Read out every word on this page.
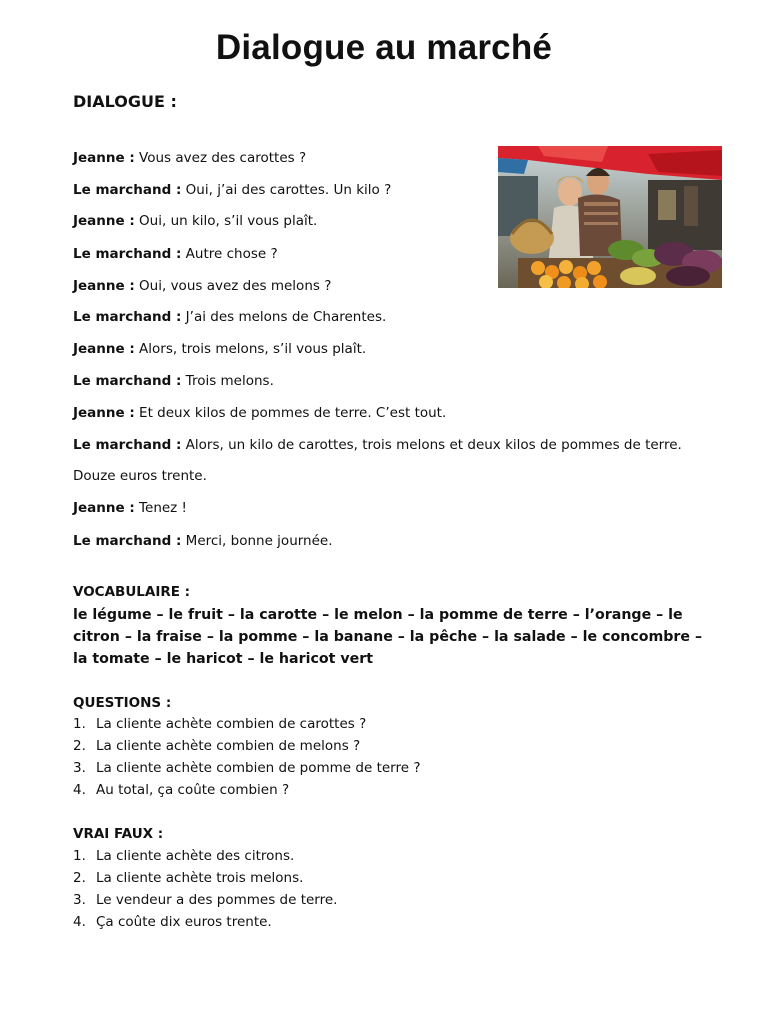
Dialogue au marché
DIALOGUE :
Jeanne : Vous avez des carottes ?
Le marchand : Oui, j’ai des carottes. Un kilo ?
Jeanne : Oui, un kilo, s’il vous plaît.
Le marchand : Autre chose ?
Jeanne : Oui, vous avez des melons ?
Le marchand : J’ai des melons de Charentes.
Jeanne : Alors, trois melons, s’il vous plaît.
Le marchand : Trois melons.
Jeanne : Et deux kilos de pommes de terre. C’est tout.
Le marchand : Alors, un kilo de carottes, trois melons et deux kilos de pommes de terre.
Douze euros trente.
Jeanne : Tenez !
Le marchand : Merci, bonne journée.
VOCABULAIRE :
le légume – le fruit – la carotte – le melon – la pomme de terre – l’orange – le citron – la fraise – la pomme – la banane – la pêche – la salade – le concombre – la tomate – le haricot – le haricot vert
QUESTIONS :
1. La cliente achète combien de carottes ?
2. La cliente achète combien de melons ?
3. La cliente achète combien de pomme de terre ?
4. Au total, ça coûte combien ?
VRAI FAUX :
1. La cliente achète des citrons.
2. La cliente achète trois melons.
3. Le vendeur a des pommes de terre.
4. Ça coûte dix euros trente.
